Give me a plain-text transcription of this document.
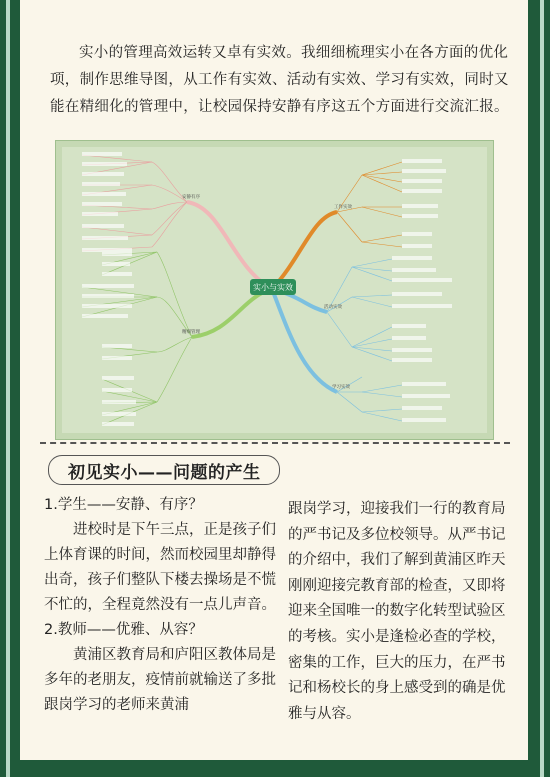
实小的管理高效运转又卓有实效。我细细梳理实小在各方面的优化项，制作思维导图，从工作有实效、活动有实效、学习有实效，同时又能在精细化的管理中，让校园保持安静有序这五个方面进行交流汇报。

实小与实效
安静有序
精细管理
工作实效
活动实效
学习实效
初见实小——问题的产生

1.学生——安静、有序？

进校时是下午三点，正是孩子们上体育课的时间，然而校园里却静得出奇，孩子们整队下楼去操场是不慌不忙的，全程竟然没有一点儿声音。

2.教师——优雅、从容？

黄浦区教育局和庐阳区教体局是多年的老朋友，疫情前就输送了多批跟岗学习的老师来黄浦

跟岗学习，迎接我们一行的教育局的严书记及多位校领导。从严书记的介绍中，我们了解到黄浦区昨天刚刚迎接完教育部的检查，又即将迎来全国唯一的数字化转型试验区的考核。实小是逢检必查的学校，密集的工作，巨大的压力，在严书记和杨校长的身上感受到的确是优雅与从容。
